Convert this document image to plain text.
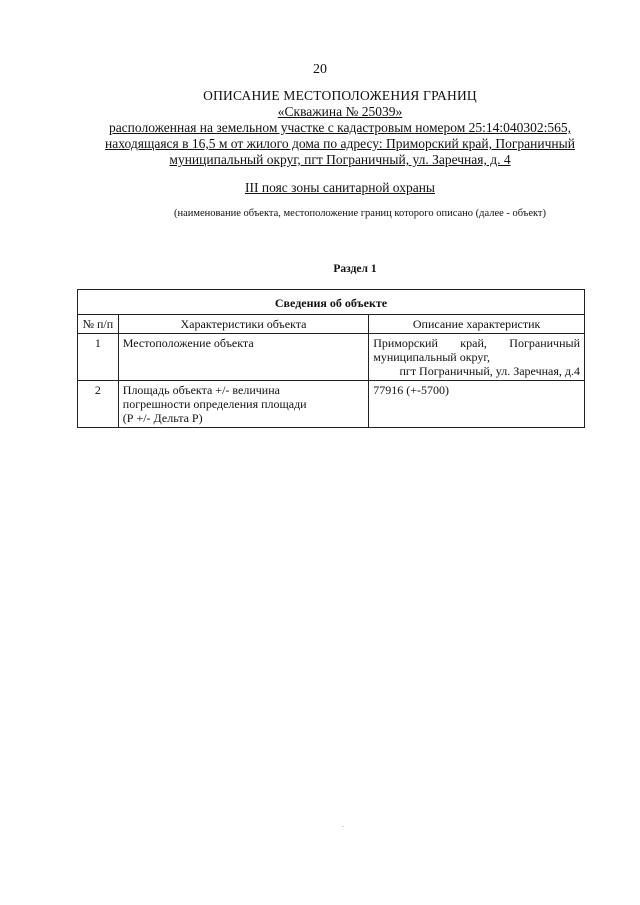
20
ОПИСАНИЕ МЕСТОПОЛОЖЕНИЯ ГРАНИЦ
«Скважина № 25039»
расположенная на земельном участке с кадастровым номером 25:14:040302:565,
находящаяся в 16,5 м от жилого дома по адресу: Приморский край, Пограничный
муниципальный округ, пгт Пограничный, ул. Заречная, д. 4
III пояс зоны санитарной охраны
(наименование объекта, местоположение границ которого описано (далее - объект)
Раздел 1
Сведения об объекте		
№ п/п	Характеристики объекта	Описание характеристик
1	Местоположение объекта	Приморский край, Пограничный муниципальный округ,
пгт Пограничный, ул. Заречная, д.4

2	Площадь объекта +/- величина
погрешности определения площади
(Р +/- Дельта Р)	77916 (+-5700)
.
